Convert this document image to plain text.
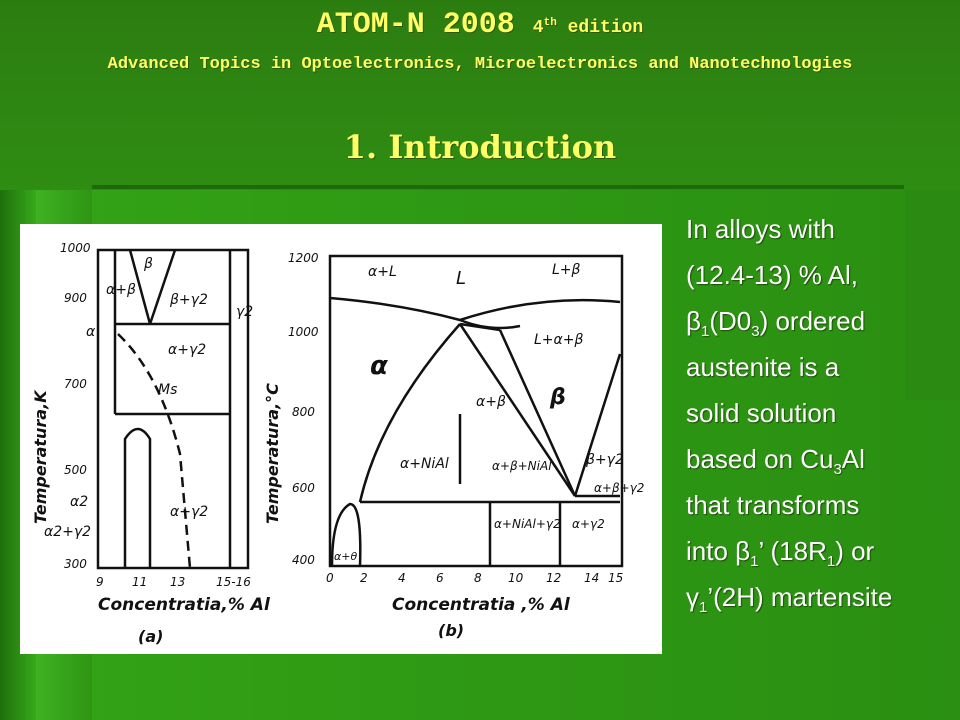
ATOM-N 2008 4th edition
Advanced Topics in Optoelectronics, Microelectronics and Nanotechnologies
1. Introduction
1000
900
700
500
300
9 11 13	15-16
α+β
β
β+γ2
γ2
α
α+γ2
Ms
α2
α+γ2
α2+γ2
Concentratia,% Al
(a)
Temperatura,K
1200
1000
800
600
400
0 2	4	6	8 10 12 14 15
α+L	L	L+β
L+α+β
α
α+β β
α+NiAl	α+β+NiAl β+γ2
α+β+γ2
α+NiAl+γ2 α+γ2
α+θ
Concentratia ,% Al
(b)
Temperatura,°C
In alloys with
(12.4-13) % Al,
$\beta_1(D0_3)$ ordered
austenite is a
solid solution
based on $Cu_3Al$
that transforms
into $\beta_1$’ $(18R_1)$ or
$\gamma_1’(2H)$ martensite
